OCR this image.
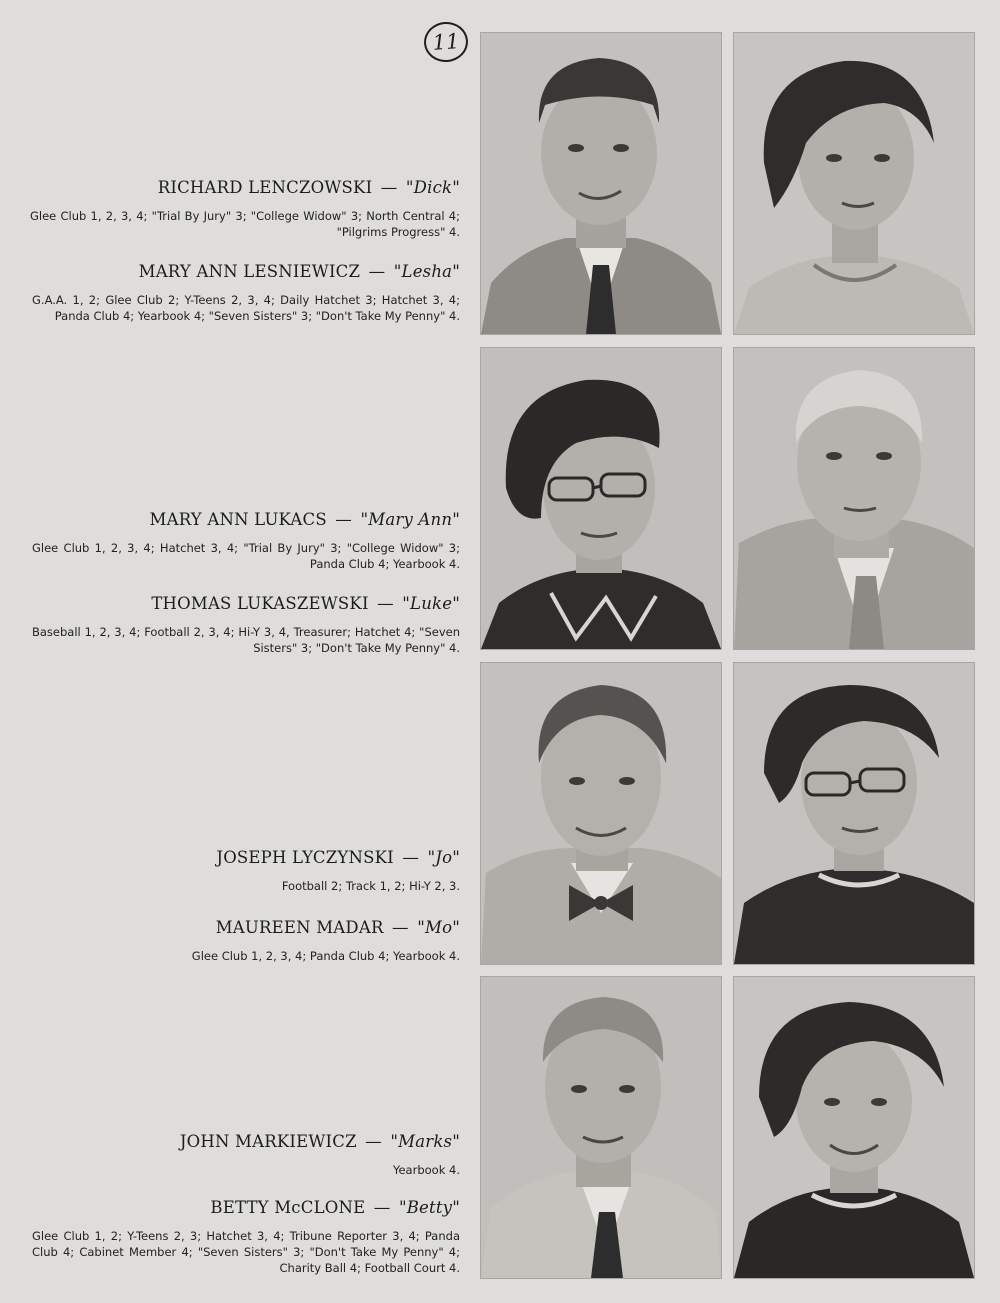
11
RICHARD LENCZOWSKI — "Dick"
Glee Club 1, 2, 3, 4; "Trial By Jury" 3; "College Widow" 3; North Central 4; "Pilgrims Progress" 4.
MARY ANN LESNIEWICZ — "Lesha"
G.A.A. 1, 2; Glee Club 2; Y-Teens 2, 3, 4; Daily Hatchet 3; Hatchet 3, 4; Panda Club 4; Yearbook 4; "Seven Sisters" 3; "Don't Take My Penny" 4.
MARY ANN LUKACS — "Mary Ann"
Glee Club 1, 2, 3, 4; Hatchet 3, 4; "Trial By Jury" 3; "College Widow" 3; Panda Club 4; Yearbook 4.
THOMAS LUKASZEWSKI — "Luke"
Baseball 1, 2, 3, 4; Football 2, 3, 4; Hi-Y 3, 4, Treasurer; Hatchet 4; "Seven Sisters" 3; "Don't Take My Penny" 4.
JOSEPH LYCZYNSKI — "Jo"
Football 2; Track 1, 2; Hi-Y 2, 3.
MAUREEN MADAR — "Mo"
Glee Club 1, 2, 3, 4; Panda Club 4; Yearbook 4.
JOHN MARKIEWICZ — "Marks"
Yearbook 4.
BETTY McCLONE — "Betty"
Glee Club 1, 2; Y-Teens 2, 3; Hatchet 3, 4; Tribune Reporter 3, 4; Panda Club 4; Cabinet Member 4; "Seven Sisters" 3; "Don't Take My Penny" 4; Charity Ball 4; Football Court 4.
